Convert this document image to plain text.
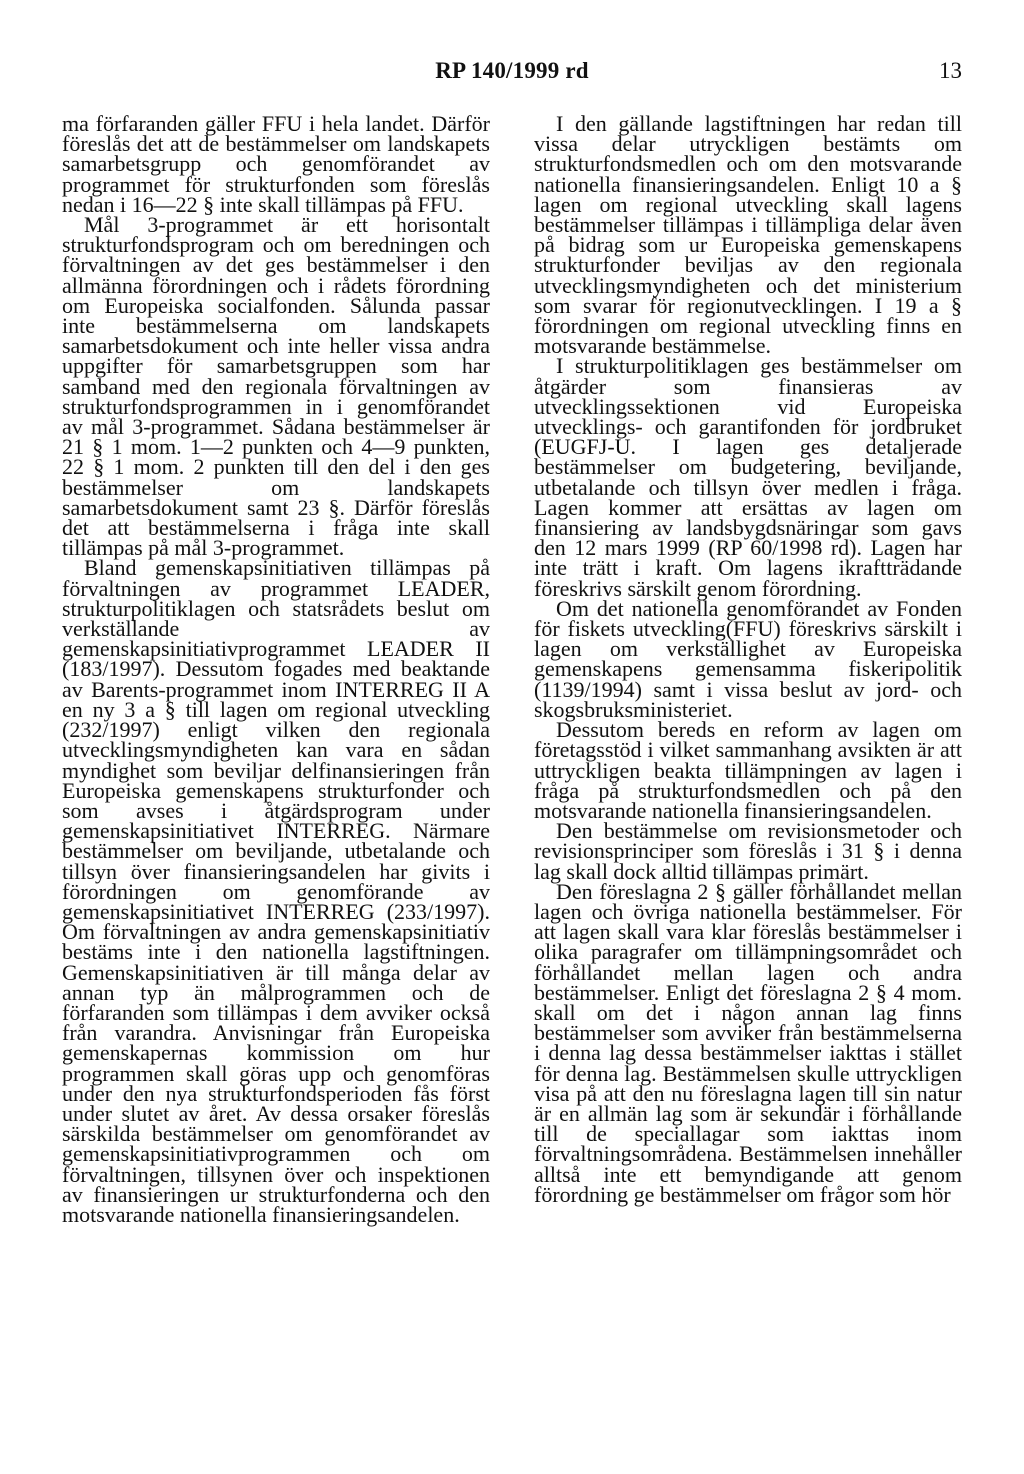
RP 140/1999 rd	13

ma förfaranden gäller FFU i hela landet. Därför föreslås det att de bestämmelser om landskapets samarbetsgrupp och genomförandet av programmet för strukturfonden som föreslås nedan i 16—22 § inte skall tillämpas på FFU.

Mål 3-programmet är ett horisontalt strukturfondsprogram och om beredningen och förvaltningen av det ges bestämmelser i den allmänna förordningen och i rådets förordning om Europeiska socialfonden. Sålunda passar inte bestämmelserna om landskapets samarbetsdokument och inte heller vissa andra uppgifter för samarbetsgruppen som har samband med den regionala förvaltningen av strukturfondsprogrammen in i genomförandet av mål 3-programmet. Sådana bestämmelser är 21 § 1 mom. 1—2 punkten och 4—9 punkten, 22 § 1 mom. 2 punkten till den del i den ges bestämmelser om landskapets samarbetsdokument samt 23 §. Därför föreslås det att bestämmelserna i fråga inte skall tillämpas på mål 3-programmet.

Bland gemenskapsinitiativen tillämpas på förvaltningen av programmet LEADER, strukturpolitiklagen och statsrådets beslut om verkställande av gemenskapsinitiativprogrammet LEADER II (183/1997). Dessutom fogades med beaktande av Barents-programmet inom INTERREG II A en ny 3 a § till lagen om regional utveckling (232/1997) enligt vilken den regionala utvecklingsmyndigheten kan vara en sådan myndighet som beviljar delfinansieringen från Europeiska gemenskapens strukturfonder och som avses i åtgärdsprogram under gemenskapsinitiativet INTERREG. Närmare bestämmelser om beviljande, utbetalande och tillsyn över finansieringsandelen har givits i förordningen om genomförande av gemenskapsinitiativet INTERREG (233/1997). Om förvaltningen av andra gemenskapsinitiativ bestäms inte i den nationella lagstiftningen. Gemenskapsinitiativen är till många delar av annan typ än målprogrammen och de förfaranden som tillämpas i dem avviker också från varandra. Anvisningar från Europeiska gemenskapernas kommission om hur programmen skall göras upp och genomföras under den nya strukturfondsperioden fås först under slutet av året. Av dessa orsaker föreslås särskilda bestämmelser om genomförandet av gemenskapsinitiativprogrammen och om förvaltningen, tillsynen över och inspektionen av finansieringen ur strukturfonderna och den motsvarande nationella finansieringsandelen.

I den gällande lagstiftningen har redan till vissa delar utryckligen bestämts om strukturfondsmedlen och om den motsvarande nationella finansieringsandelen. Enligt 10 a § lagen om regional utveckling skall lagens bestämmelser tillämpas i tillämpliga delar även på bidrag som ur Europeiska gemenskapens strukturfonder beviljas av den regionala utvecklingsmyndigheten och det ministerium som svarar för regionutvecklingen. I 19 a § förordningen om regional utveckling finns en motsvarande bestämmelse.

I strukturpolitiklagen ges bestämmelser om åtgärder som finansieras av utvecklingssektionen vid Europeiska utvecklings- och garantifonden för jordbruket (EUGFJ-U. I lagen ges detaljerade bestämmelser om budgetering, beviljande, utbetalande och tillsyn över medlen i fråga. Lagen kommer att ersättas av lagen om finansiering av landsbygdsnäringar som gavs den 12 mars 1999 (RP 60/1998 rd). Lagen har inte trätt i kraft. Om lagens ikraftträdande föreskrivs särskilt genom förordning.

Om det nationella genomförandet av Fonden för fiskets utveckling(FFU) föreskrivs särskilt i lagen om verkställighet av Europeiska gemenskapens gemensamma fiskeripolitik (1139/1994) samt i vissa beslut av jord- och skogsbruksministeriet.

Dessutom bereds en reform av lagen om företagsstöd i vilket sammanhang avsikten är att uttryckligen beakta tillämpningen av lagen i fråga på strukturfondsmedlen och på den motsvarande nationella finansieringsandelen.

Den bestämmelse om revisionsmetoder och revisionsprinciper som föreslås i 31 § i denna lag skall dock alltid tillämpas primärt.

Den föreslagna 2 § gäller förhållandet mellan lagen och övriga nationella bestämmelser. För att lagen skall vara klar föreslås bestämmelser i olika paragrafer om tillämpningsområdet och förhållandet mellan lagen och andra bestämmelser. Enligt det föreslagna 2 § 4 mom. skall om det i någon annan lag finns bestämmelser som avviker från bestämmelserna i denna lag dessa bestämmelser iakttas i stället för denna lag. Bestämmelsen skulle uttryckligen visa på att den nu föreslagna lagen till sin natur är en allmän lag som är sekundär i förhållande till de speciallagar som iakttas inom förvaltningsområdena. Bestämmelsen innehåller alltså inte ett bemyndigande att genom förordning ge bestämmelser om frågor som hör
